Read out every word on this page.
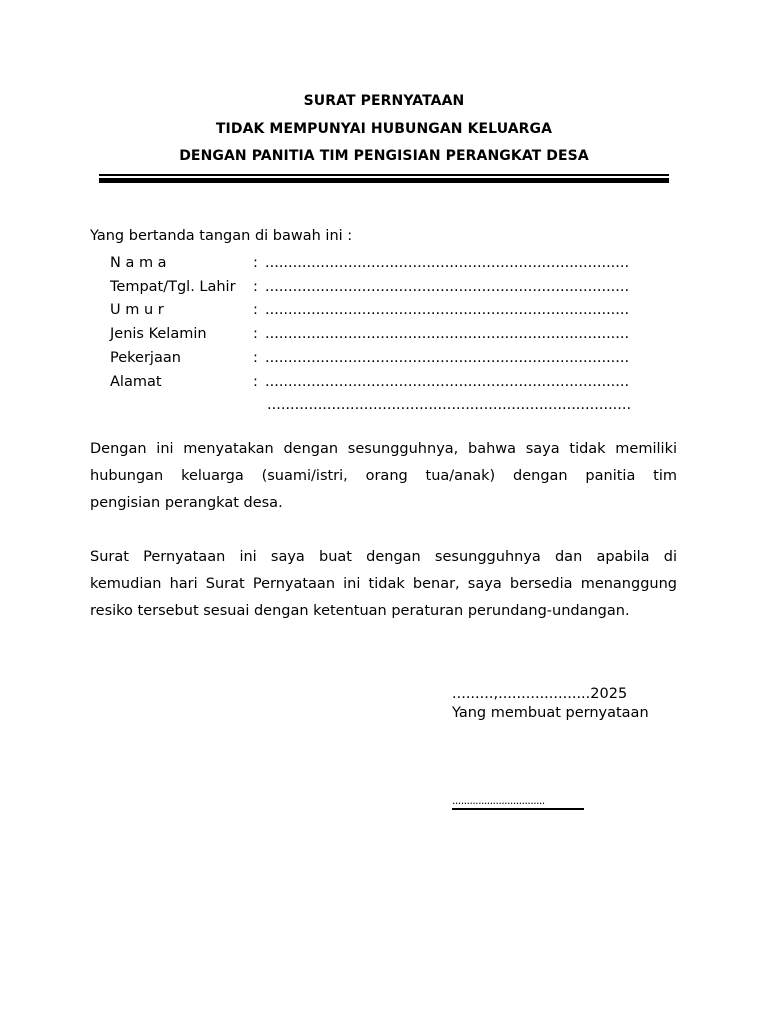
SURAT PERNYATAAN
TIDAK MEMPUNYAI HUBUNGAN KELUARGA
DENGAN PANITIA TIM PENGISIAN PERANGKAT DESA
Yang bertanda tangan di bawah ini :
N a m a	: ...............................................................................
Tempat/Tgl. Lahir : ...............................................................................
U m u r	: ...............................................................................
Jenis Kelamin	: ...............................................................................
Pekerjaan	: ...............................................................................
Alamat	: ...............................................................................
...............................................................................
Dengan ini menyatakan dengan sesungguhnya, bahwa saya tidak memiliki
hubungan keluarga (suami/istri, orang tua/anak) dengan panitia tim
pengisian perangkat desa.
Surat Pernyataan ini saya buat dengan sesungguhnya dan apabila di
kemudian hari Surat Pernyataan ini tidak benar, saya bersedia menanggung
resiko tersebut sesuai dengan ketentuan peraturan perundang-undangan.
.........,....................2025
Yang membuat pernyataan
................................
